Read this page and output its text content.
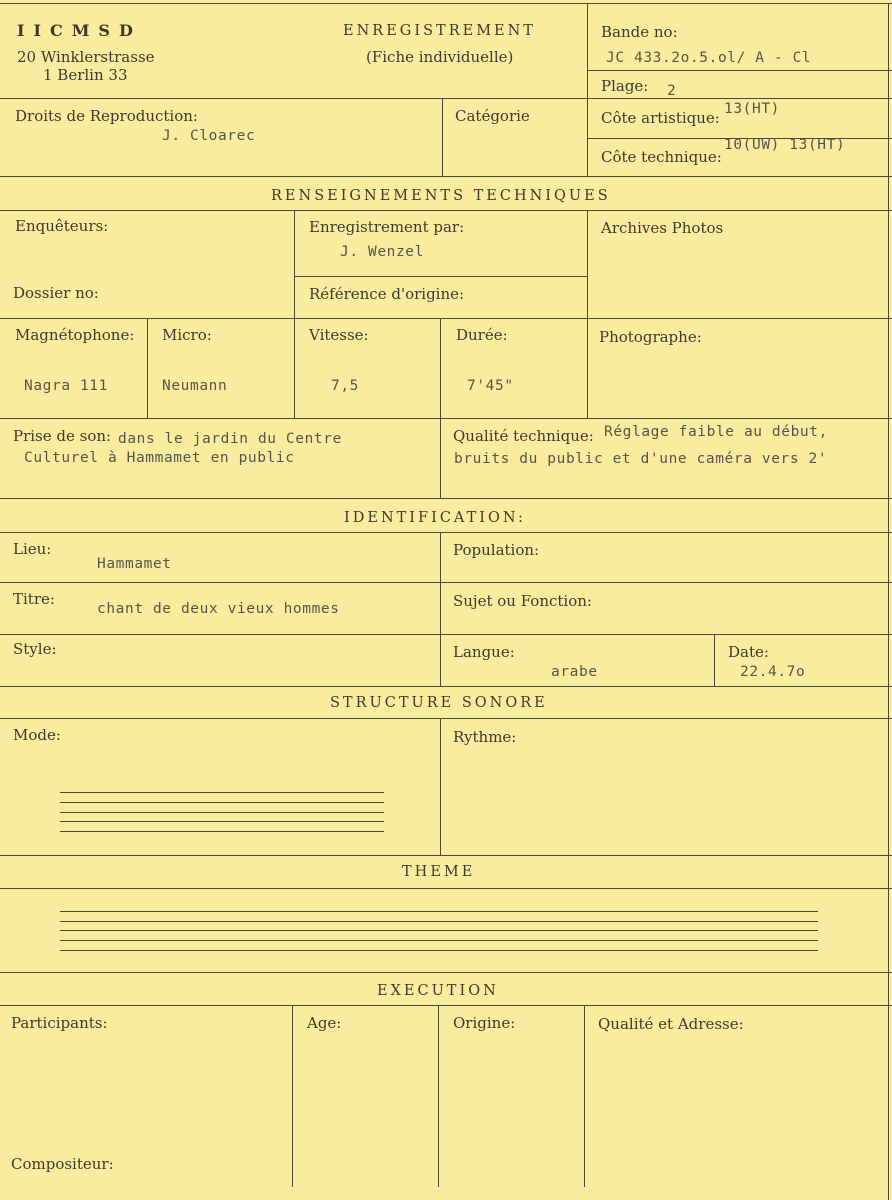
IICMSD
20 Winklerstrasse
1 Berlin 33
ENREGISTREMENT
(Fiche individuelle)
Bande no:
JC 433.2o.5.ol/ A - Cl
Plage: 2
Droits de Reproduction:
J. Cloarec
Catégorie	Côte artistique: 13(HT)
Côte technique:
10(UW) 13(HT)
RENSEIGNEMENTS TECHNIQUES
Enquêteurs:	Enregistrement par:
J. Wenzel
Archives Photos
Dossier no:	Référence d'origine:
Magnétophone:
Nagra 111
Micro:
Neumann
Vitesse:
7,5
Durée:
7'45"
Photographe:
Prise de son: dans le jardin du Centre
Culturel à Hammamet en public
Qualité technique: Réglage faible au début,
bruits du public et d'une caméra vers 2'
IDENTIFICATION:
Lieu:
Hammamet
Population:
Titre:
chant de deux vieux hommes	Sujet ou Fonction:
Style:	Langue:
arabe
Date:
22.4.7o
STRUCTURE SONORE
Mode:	Rythme:
THEME
EXECUTION
Participants:	Age:	Origine:	Qualité et Adresse:
Compositeur:
